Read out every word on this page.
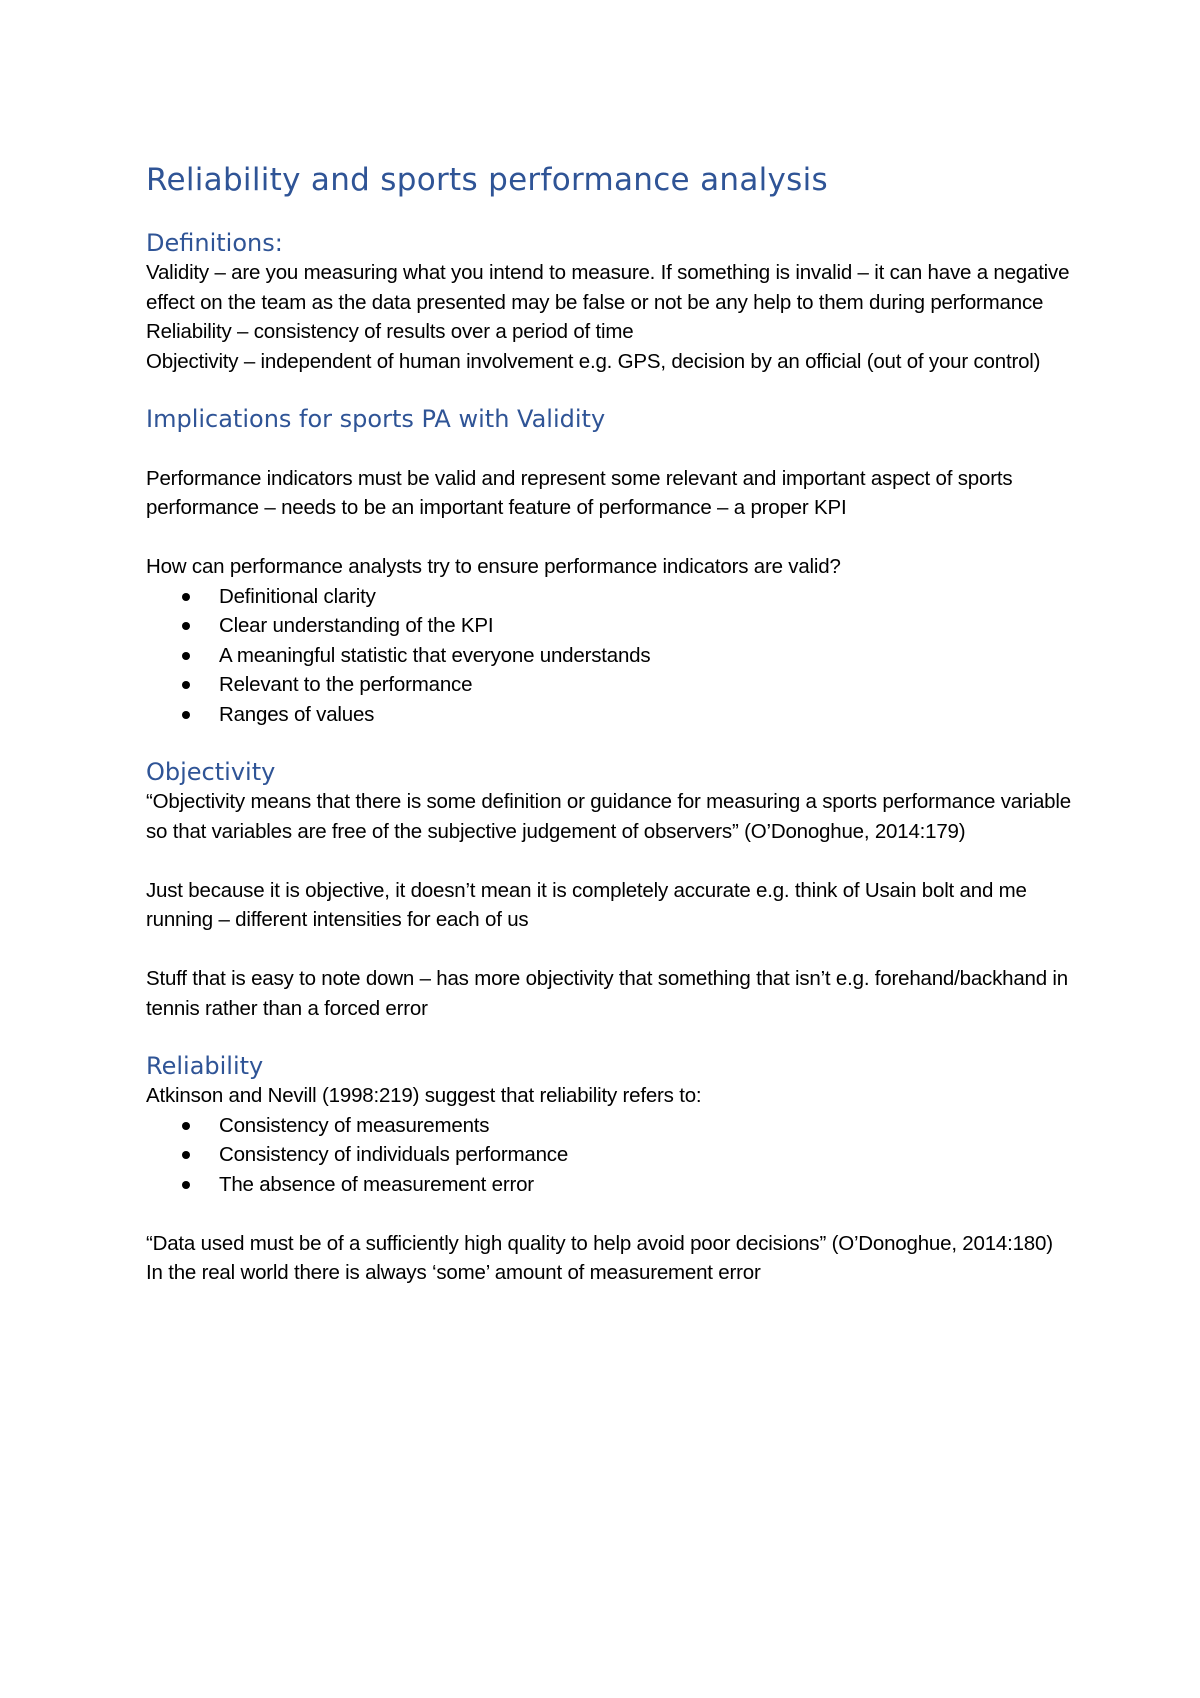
Reliability and sports performance analysis
Definitions:

Validity – are you measuring what you intend to measure. If something is invalid – it can have a negative effect on the team as the data presented may be false or not be any help to them during performance

Reliability – consistency of results over a period of time

Objectivity – independent of human involvement e.g. GPS, decision by an official (out of your control)

Implications for sports PA with Validity

Performance indicators must be valid and represent some relevant and important aspect of sports performance – needs to be an important feature of performance – a proper KPI

How can performance analysts try to ensure performance indicators are valid?

Definitional clarity
Clear understanding of the KPI
A meaningful statistic that everyone understands
Relevant to the performance
Ranges of values
Objectivity

“Objectivity means that there is some definition or guidance for measuring a sports performance variable so that variables are free of the subjective judgement of observers” (O’Donoghue, 2014:179)

Just because it is objective, it doesn’t mean it is completely accurate e.g. think of Usain bolt and me running – different intensities for each of us

Stuff that is easy to note down – has more objectivity that something that isn’t e.g. forehand/backhand in tennis rather than a forced error

Reliability

Atkinson and Nevill (1998:219) suggest that reliability refers to:

Consistency of measurements
Consistency of individuals performance
The absence of measurement error

“Data used must be of a sufficiently high quality to help avoid poor decisions” (O’Donoghue, 2014:180)

In the real world there is always ‘some’ amount of measurement error
